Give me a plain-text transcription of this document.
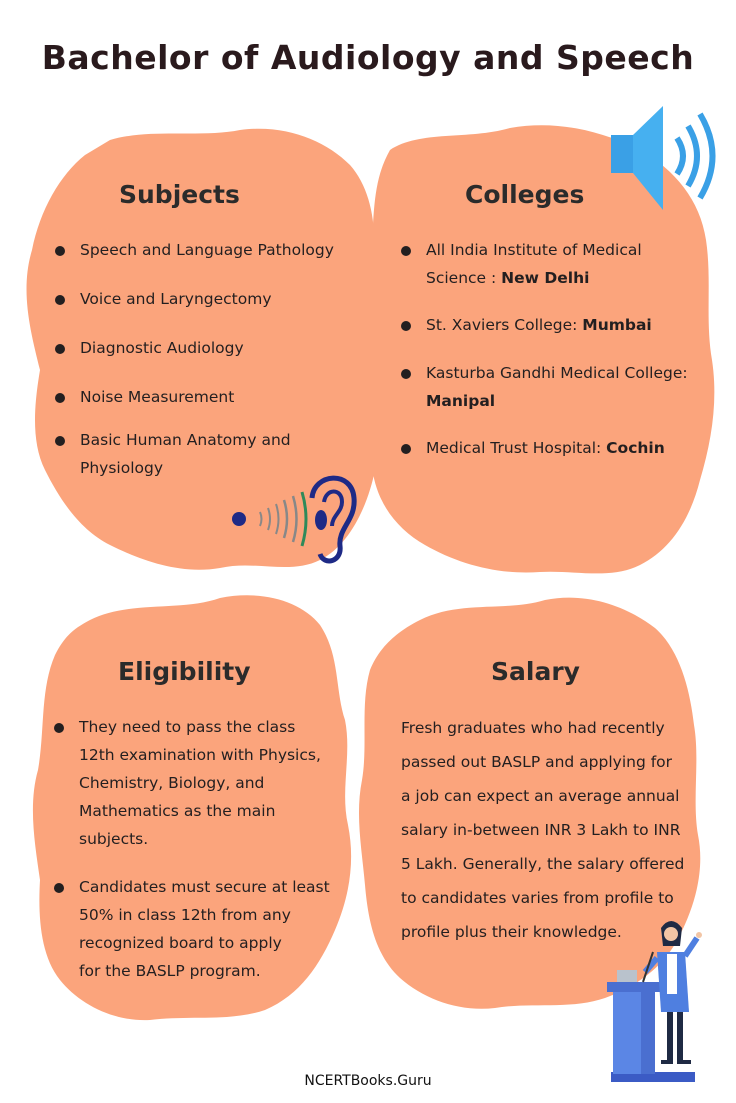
Bachelor of Audiology and Speech
Subjects
Speech and Language Pathology
Voice and Laryngectomy
Diagnostic Audiology
Noise Measurement
Basic Human Anatomy and
Physiology
Colleges
All India Institute of Medical
Science : New Delhi
St. Xaviers College: Mumbai
Kasturba Gandhi Medical College:
Manipal
Medical Trust Hospital: Cochin
Eligibility
They need to pass the class
12th examination with Physics,
Chemistry, Biology, and
Mathematics as the main
subjects.
Candidates must secure at least
50% in class 12th from any
recognized board to apply
for the BASLP program.
Salary
Fresh graduates who had recently
passed out BASLP and applying for
a job can expect an average annual
salary in-between INR 3 Lakh to INR
5 Lakh. Generally, the salary offered
to candidates varies from profile to
profile plus their knowledge.
NCERTBooks.Guru
